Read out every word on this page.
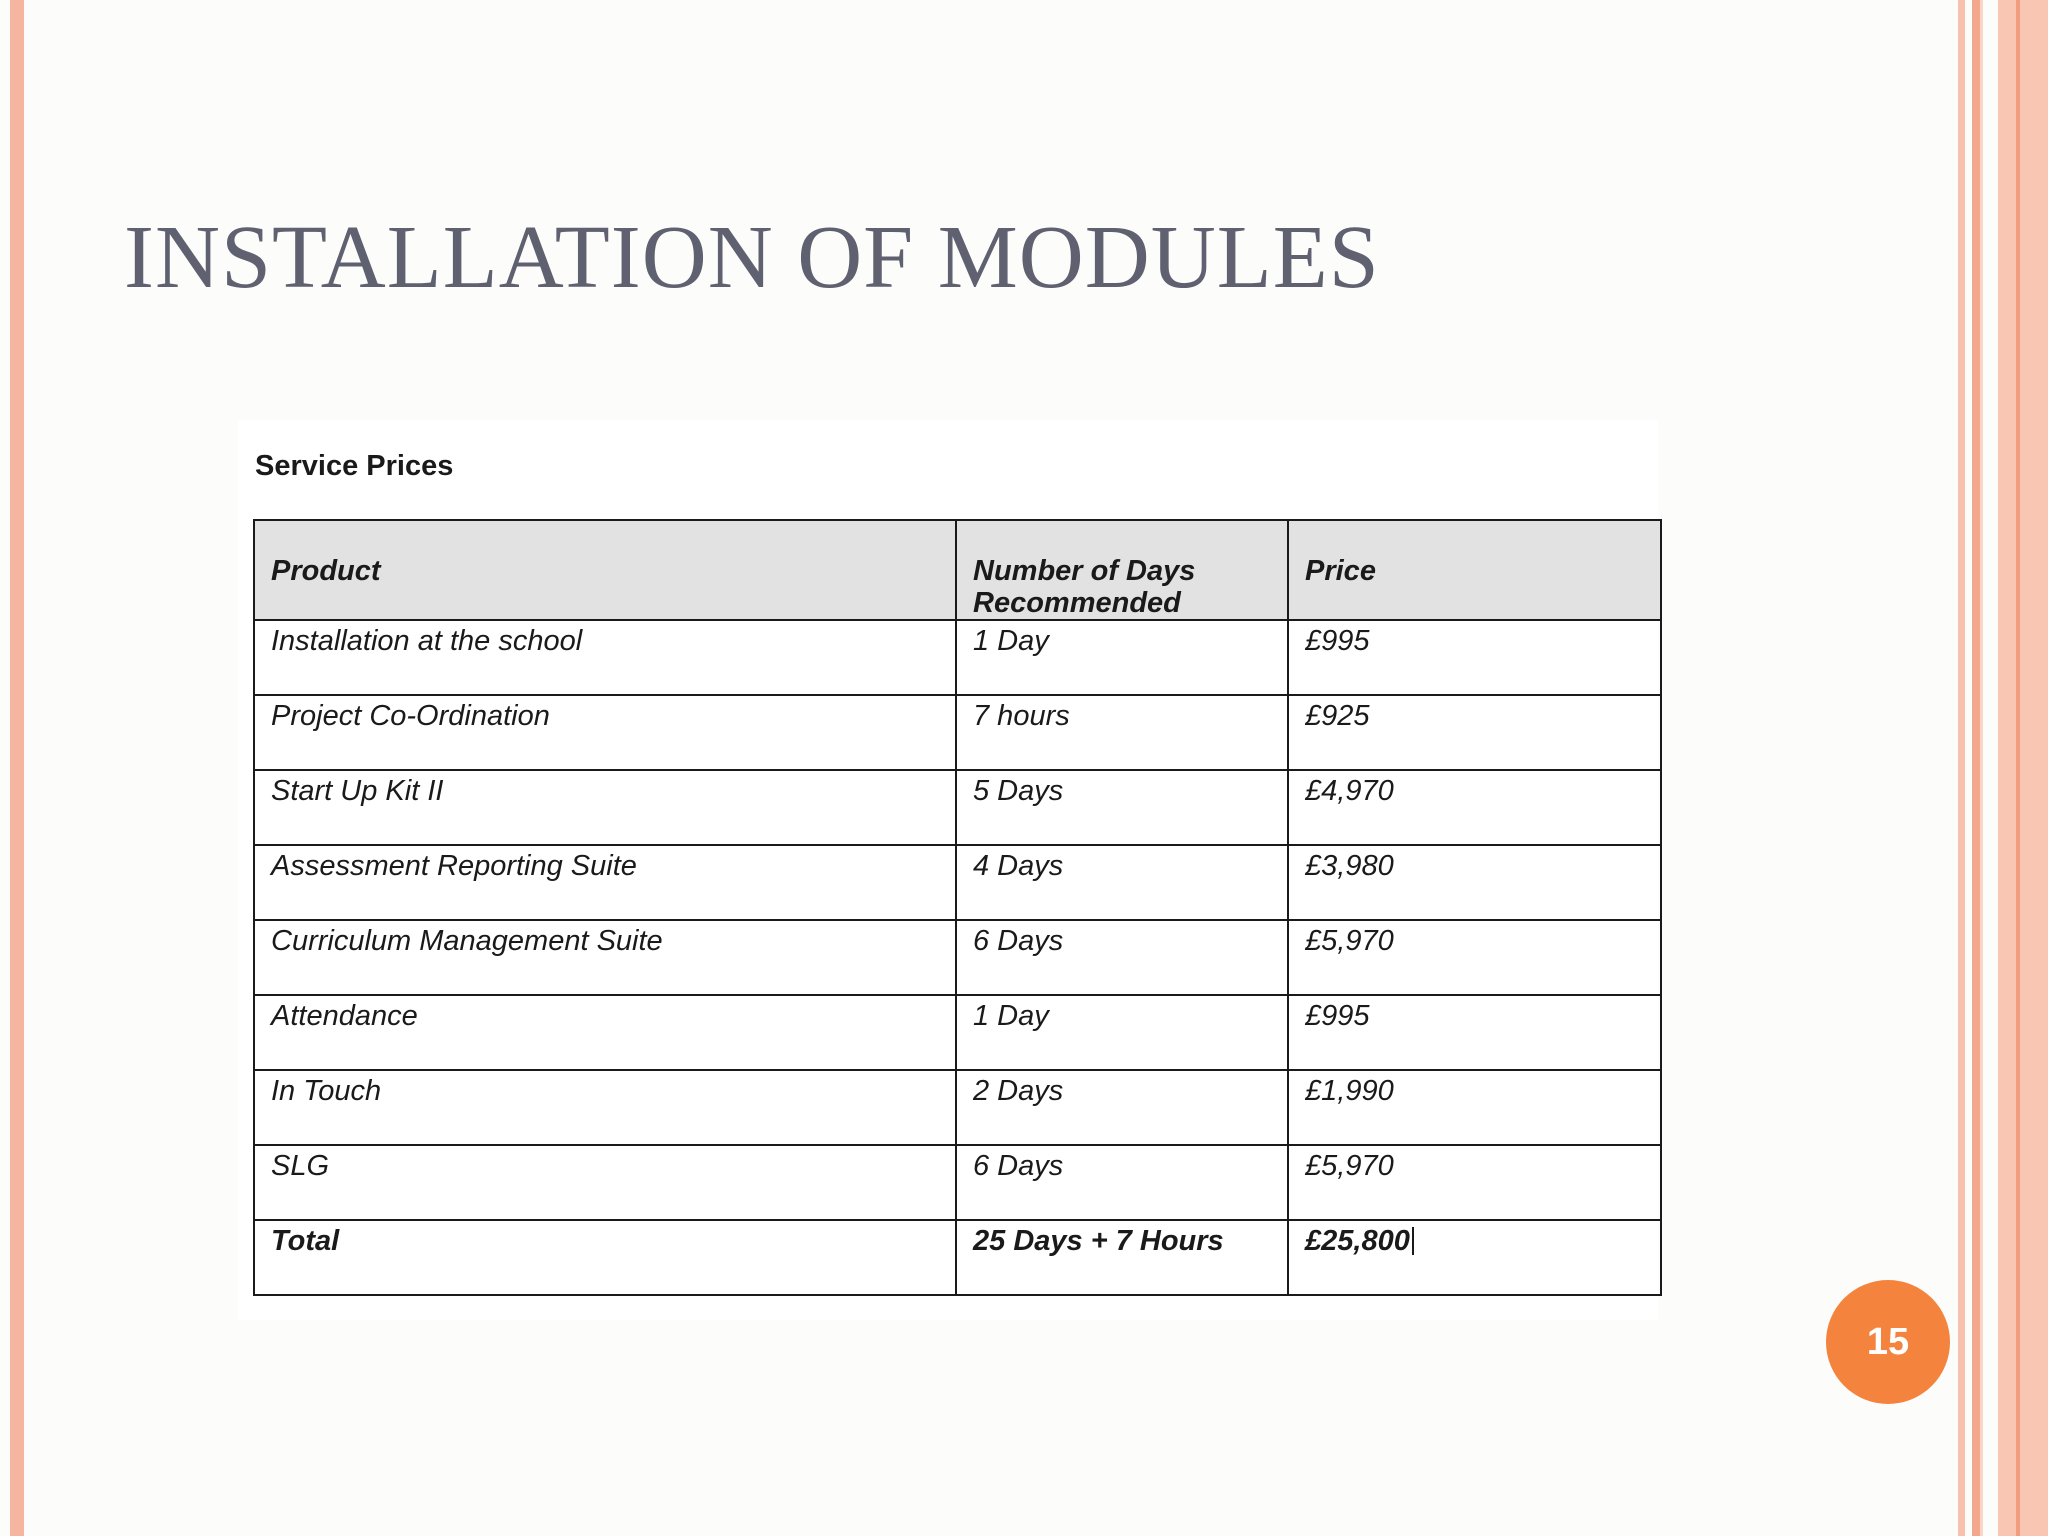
INSTALLATION OF MODULES
Service Prices
Product	Number of Days Recommended	Price
Installation at the school	1 Day	£995
Project Co-Ordination	7 hours	£925
Start Up Kit II	5 Days	£4,970
Assessment Reporting Suite	4 Days	£3,980
Curriculum Management Suite	6 Days	£5,970
Attendance	1 Day	£995
In Touch	2 Days	£1,990
SLG	6 Days	£5,970
Total	25 Days + 7 Hours	£25,800
15
